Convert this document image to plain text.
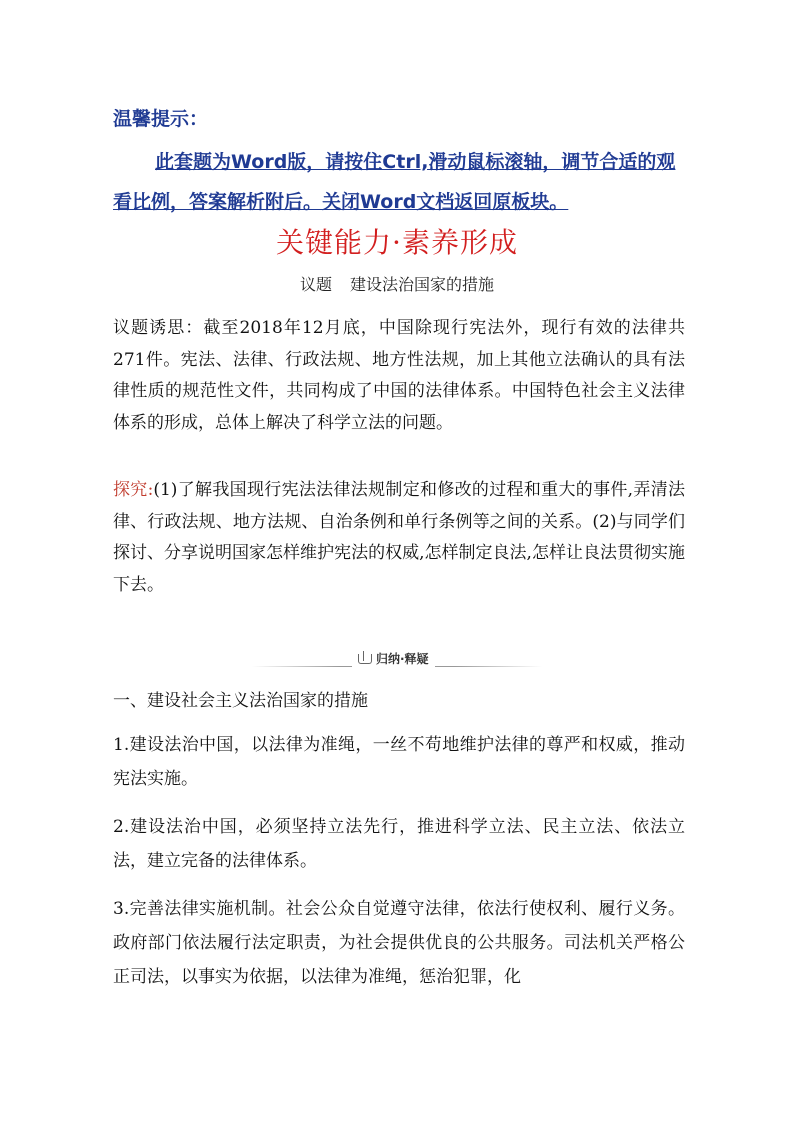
温馨提示：
此套题为Word版，请按住Ctrl,滑动鼠标滚轴，调节合适的观看比例，答案解析附后。关闭Word文档返回原板块。
关键能力·素养形成
议题 建设法治国家的措施
议题诱思：截至2018年12月底，中国除现行宪法外，现行有效的法律共271件。宪法、法律、行政法规、地方性法规，加上其他立法确认的具有法律性质的规范性文件，共同构成了中国的法律体系。中国特色社会主义法律体系的形成，总体上解决了科学立法的问题。
探究:(1)了解我国现行宪法法律法规制定和修改的过程和重大的事件,弄清法律、行政法规、地方法规、自治条例和单行条例等之间的关系。(2)与同学们探讨、分享说明国家怎样维护宪法的权威,怎样制定良法,怎样让良法贯彻实施下去。
归纳·释疑
一、建设社会主义法治国家的措施
1.建设法治中国，以法律为准绳，一丝不苟地维护法律的尊严和权威，推动宪法实施。
2.建设法治中国，必须坚持立法先行，推进科学立法、民主立法、依法立法，建立完备的法律体系。
3.完善法律实施机制。社会公众自觉遵守法律，依法行使权利、履行义务。政府部门依法履行法定职责，为社会提供优良的公共服务。司法机关严格公正司法，以事实为依据，以法律为准绳，惩治犯罪，化
